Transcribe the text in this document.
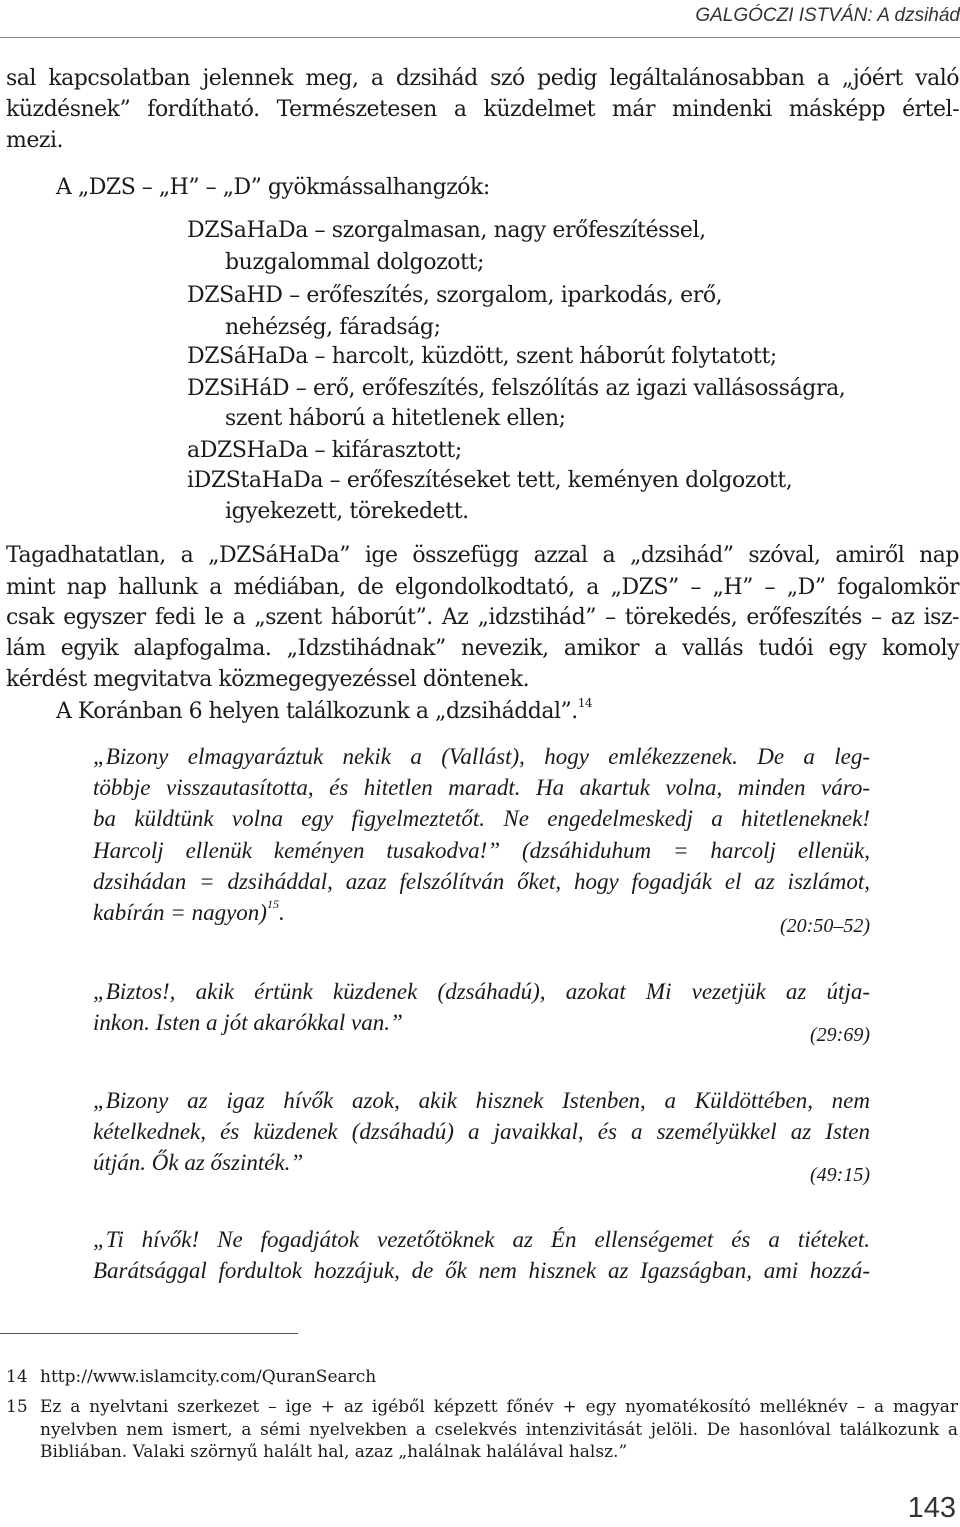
GALGÓCZI ISTVÁN: A dzsihád
sal kapcsolatban jelennek meg, a dzsihád szó pedig legáltalánosabban a „jóért való
küzdésnek” fordítható. Természetesen a küzdelmet már mindenki másképp értel-
mezi.
A „DZS – „H” – „D” gyökmássalhangzók:
DZSaHaDa – szorgalmasan, nagy erőfeszítéssel,
buzgalommal dolgozott;
DZSaHD – erőfeszítés, szorgalom, iparkodás, erő,
nehézség, fáradság;
DZSáHaDa – harcolt, küzdött, szent háborút folytatott;
DZSiHáD – erő, erőfeszítés, felszólítás az igazi vallásosságra,
szent háború a hitetlenek ellen;
aDZSHaDa – kifárasztott;
iDZStaHaDa – erőfeszítéseket tett, keményen dolgozott,
igyekezett, törekedett.
Tagadhatatlan, a „DZSáHaDa” ige összefügg azzal a „dzsihád” szóval, amiről nap
mint nap hallunk a médiában, de elgondolkodtató, a „DZS” – „H” – „D” fogalomkör
csak egyszer fedi le a „szent háborút”. Az „idzstihád” – törekedés, erőfeszítés – az isz-
lám egyik alapfogalma. „Idzstihádnak” nevezik, amikor a vallás tudói egy komoly
kérdést megvitatva közmegegyezéssel döntenek.
A Koránban 6 helyen találkozunk a „dzsiháddal”.$^{14}$
„Bizony elmagyaráztuk nekik a (Vallást), hogy emlékezzenek. De a leg-
többje visszautasította, és hitetlen maradt. Ha akartuk volna, minden váro-
ba küldtünk volna egy figyelmeztetőt. Ne engedelmeskedj a hitetleneknek!
Harcolj ellenük keményen tusakodva!” (dzsáhiduhum = harcolj ellenük,
dzsihádan = dzsiháddal, azaz felszólítván őket, hogy fogadják el az iszlámot,
kabírán = nagyon)$^{15}$.
(20:50–52)
„Biztos!, akik értünk küzdenek (dzsáhadú), azokat Mi vezetjük az útja-
inkon. Isten a jót akarókkal van.”	(29:69)
„Bizony az igaz hívők azok, akik hisznek Istenben, a Küldöttében, nem
kételkednek, és küzdenek (dzsáhadú) a javaikkal, és a személyükkel az Isten
útján. Ők az őszinték.”	(49:15)
„Ti hívők! Ne fogadjátok vezetőtöknek az Én ellenségemet és a tiéteket.
Barátsággal fordultok hozzájuk, de ők nem hisznek az Igazságban, ami hozzá-
14 http://www.islamcity.com/QuranSearch
15 Ez a nyelvtani szerkezet – ige + az igéből képzett főnév + egy nyomatékosító melléknév – a magyar
nyelvben nem ismert, a sémi nyelvekben a cselekvés intenzivitását jelöli. De hasonlóval találkozunk a
Bibliában. Valaki szörnyű halált hal, azaz „halálnak halálával halsz.”
143
